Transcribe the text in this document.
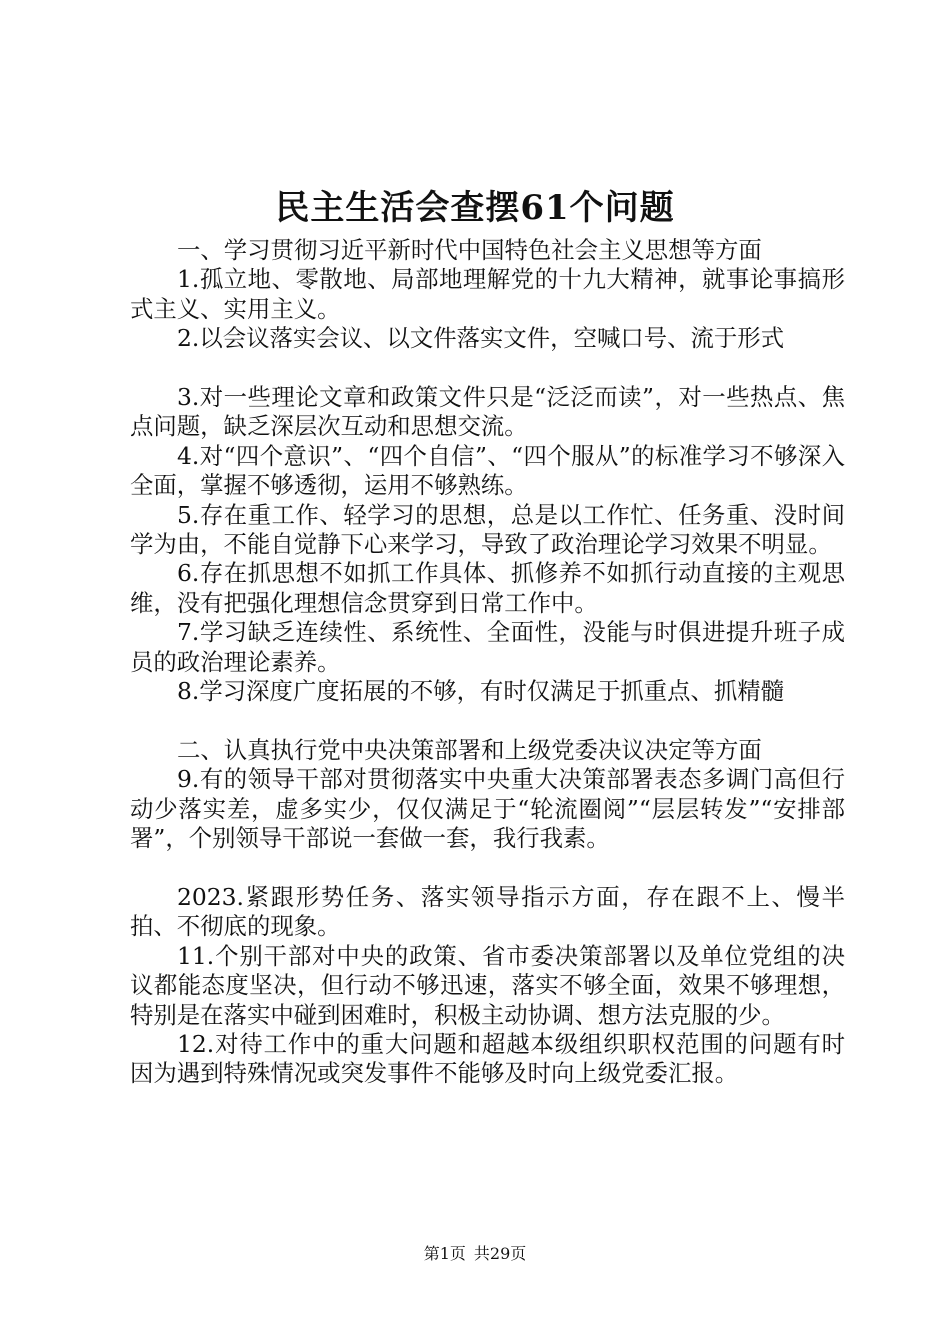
民主生活会查摆61个问题

一、学习贯彻习近平新时代中国特色社会主义思想等方面

1.孤立地、零散地、局部地理解党的十九大精神，就事论事搞形式主义、实用主义。

2.以会议落实会议、以文件落实文件，空喊口号、流于形式

3.对一些理论文章和政策文件只是“泛泛而读”，对一些热点、焦点问题，缺乏深层次互动和思想交流。

4.对“四个意识”、“四个自信”、“四个服从”的标准学习不够深入全面，掌握不够透彻，运用不够熟练。

5.存在重工作、轻学习的思想，总是以工作忙、任务重、没时间学为由，不能自觉静下心来学习，导致了政治理论学习效果不明显。

6.存在抓思想不如抓工作具体、抓修养不如抓行动直接的主观思维，没有把强化理想信念贯穿到日常工作中。

7.学习缺乏连续性、系统性、全面性，没能与时俱进提升班子成员的政治理论素养。

8.学习深度广度拓展的不够，有时仅满足于抓重点、抓精髓

二、认真执行党中央决策部署和上级党委决议决定等方面

9.有的领导干部对贯彻落实中央重大决策部署表态多调门高但行动少落实差，虚多实少，仅仅满足于“轮流圈阅”“层层转发”“安排部署”，个别领导干部说一套做一套，我行我素。

2023.紧跟形势任务、落实领导指示方面，存在跟不上、慢半拍、不彻底的现象。

11.个别干部对中央的政策、省市委决策部署以及单位党组的决议都能态度坚决，但行动不够迅速，落实不够全面，效果不够理想，特别是在落实中碰到困难时，积极主动协调、想方法克服的少。

12.对待工作中的重大问题和超越本级组织职权范围的问题有时因为遇到特殊情况或突发事件不能够及时向上级党委汇报。

第1页 共29页
